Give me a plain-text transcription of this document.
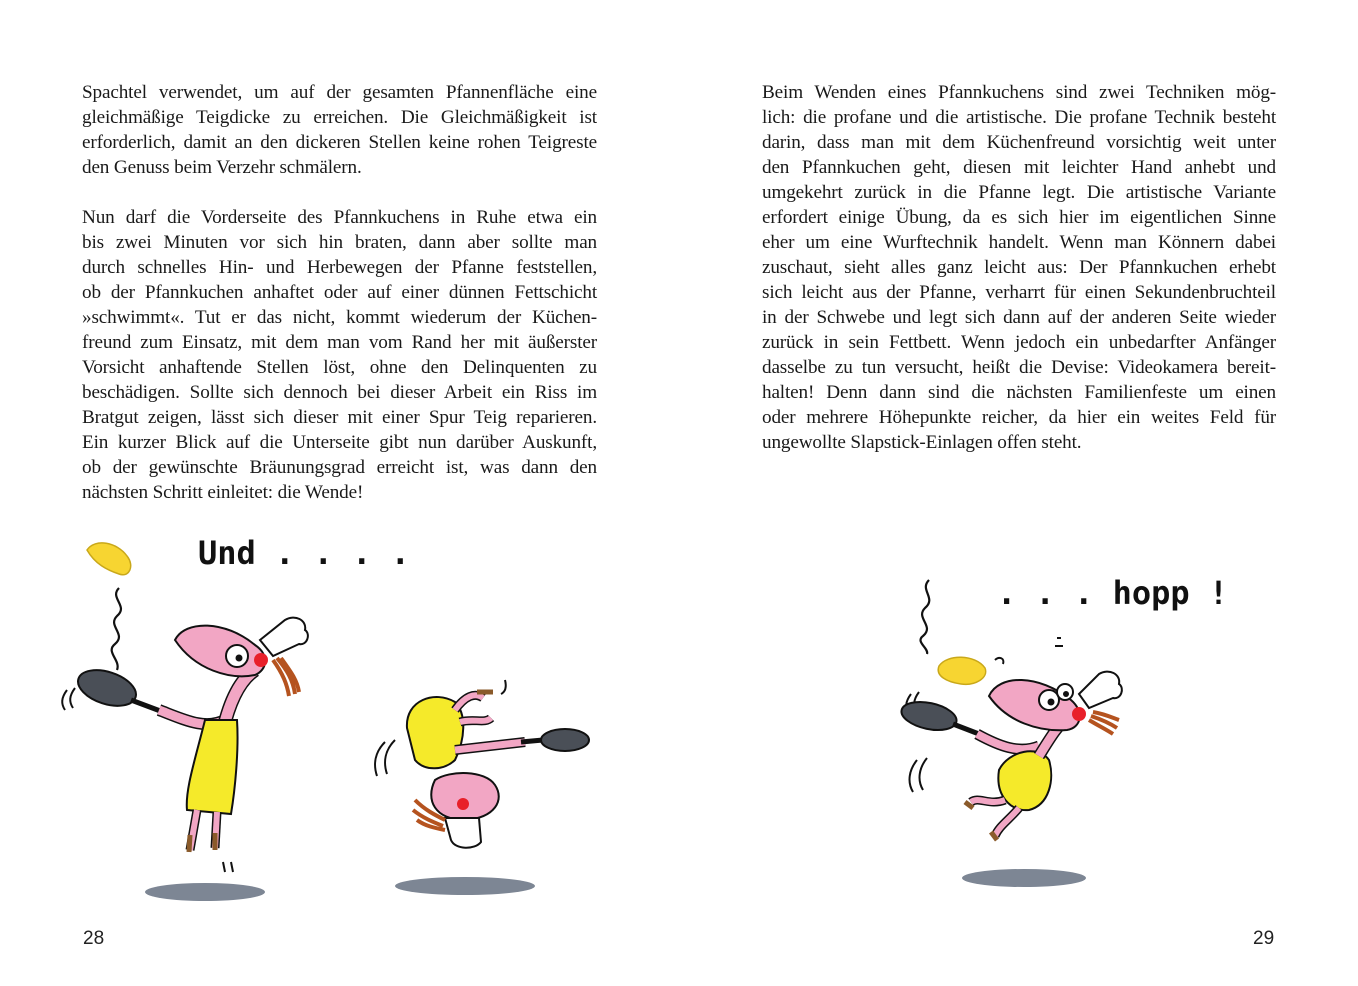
Spachtel verwendet, um auf der gesamten Pfannenfläche eine
gleichmäßige Teigdicke zu erreichen. Die Gleichmäßigkeit ist
erforderlich, damit an den dickeren Stellen keine rohen Teigreste
den Genuss beim Verzehr schmälern.

Nun darf die Vorderseite des Pfannkuchens in Ruhe etwa ein
bis zwei Minuten vor sich hin braten, dann aber sollte man
durch schnelles Hin- und Herbewegen der Pfanne feststellen,
ob der Pfannkuchen anhaftet oder auf einer dünnen Fettschicht
»schwimmt«. Tut er das nicht, kommt wiederum der Küchen-
freund zum Einsatz, mit dem man vom Rand her mit äußerster
Vorsicht anhaftende Stellen löst, ohne den Delinquenten zu
beschädigen. Sollte sich dennoch bei dieser Arbeit ein Riss im
Bratgut zeigen, lässt sich dieser mit einer Spur Teig reparieren.
Ein kurzer Blick auf die Unterseite gibt nun darüber Auskunft,
ob der gewünschte Bräunungsgrad erreicht ist, was dann den
nächsten Schritt einleitet: die Wende!

Und . . . .
28

Beim Wenden eines Pfannkuchens sind zwei Techniken mög-
lich: die profane und die artistische. Die profane Technik besteht
darin, dass man mit dem Küchenfreund vorsichtig weit unter
den Pfannkuchen geht, diesen mit leichter Hand anhebt und
umgekehrt zurück in die Pfanne legt. Die artistische Variante
erfordert einige Übung, da es sich hier im eigentlichen Sinne
eher um eine Wurftechnik handelt. Wenn man Könnern dabei
zuschaut, sieht alles ganz leicht aus: Der Pfannkuchen erhebt
sich leicht aus der Pfanne, verharrt für einen Sekundenbruchteil
in der Schwebe und legt sich dann auf der anderen Seite wieder
zurück in sein Fettbett. Wenn jedoch ein unbedarfter Anfänger
dasselbe zu tun versucht, heißt die Devise: Videokamera bereit-
halten! Denn dann sind die nächsten Familienfeste um einen
oder mehrere Höhepunkte reicher, da hier ein weites Feld für
ungewollte Slapstick-Einlagen offen steht.

. . . hopp !
29
